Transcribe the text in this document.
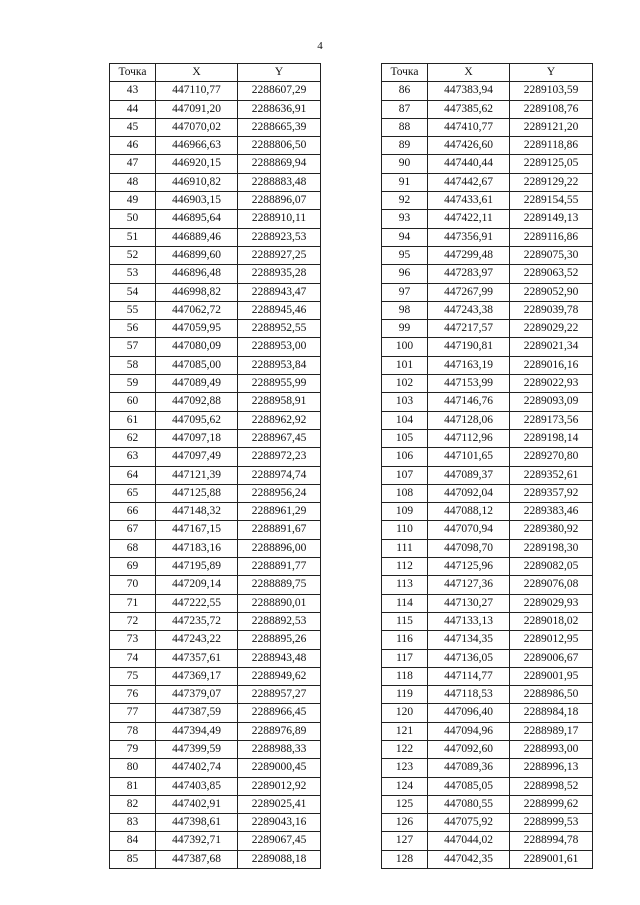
4
Точка	X	Y
43	447110,77	2288607,29
44	447091,20	2288636,91
45	447070,02	2288665,39
46	446966,63	2288806,50
47	446920,15	2288869,94
48	446910,82	2288883,48
49	446903,15	2288896,07
50	446895,64	2288910,11
51	446889,46	2288923,53
52	446899,60	2288927,25
53	446896,48	2288935,28
54	446998,82	2288943,47
55	447062,72	2288945,46
56	447059,95	2288952,55
57	447080,09	2288953,00
58	447085,00	2288953,84
59	447089,49	2288955,99
60	447092,88	2288958,91
61	447095,62	2288962,92
62	447097,18	2288967,45
63	447097,49	2288972,23
64	447121,39	2288974,74
65	447125,88	2288956,24
66	447148,32	2288961,29
67	447167,15	2288891,67
68	447183,16	2288896,00
69	447195,89	2288891,77
70	447209,14	2288889,75
71	447222,55	2288890,01
72	447235,72	2288892,53
73	447243,22	2288895,26
74	447357,61	2288943,48
75	447369,17	2288949,62
76	447379,07	2288957,27
77	447387,59	2288966,45
78	447394,49	2288976,89
79	447399,59	2288988,33
80	447402,74	2289000,45
81	447403,85	2289012,92
82	447402,91	2289025,41
83	447398,61	2289043,16
84	447392,71	2289067,45
85	447387,68	2289088,18
Точка	X	Y
86	447383,94	2289103,59
87	447385,62	2289108,76
88	447410,77	2289121,20
89	447426,60	2289118,86
90	447440,44	2289125,05
91	447442,67	2289129,22
92	447433,61	2289154,55
93	447422,11	2289149,13
94	447356,91	2289116,86
95	447299,48	2289075,30
96	447283,97	2289063,52
97	447267,99	2289052,90
98	447243,38	2289039,78
99	447217,57	2289029,22
100	447190,81	2289021,34
101	447163,19	2289016,16
102	447153,99	2289022,93
103	447146,76	2289093,09
104	447128,06	2289173,56
105	447112,96	2289198,14
106	447101,65	2289270,80
107	447089,37	2289352,61
108	447092,04	2289357,92
109	447088,12	2289383,46
110	447070,94	2289380,92
111	447098,70	2289198,30
112	447125,96	2289082,05
113	447127,36	2289076,08
114	447130,27	2289029,93
115	447133,13	2289018,02
116	447134,35	2289012,95
117	447136,05	2289006,67
118	447114,77	2289001,95
119	447118,53	2288986,50
120	447096,40	2288984,18
121	447094,96	2288989,17
122	447092,60	2288993,00
123	447089,36	2288996,13
124	447085,05	2288998,52
125	447080,55	2288999,62
126	447075,92	2288999,53
127	447044,02	2288994,78
128	447042,35	2289001,61
